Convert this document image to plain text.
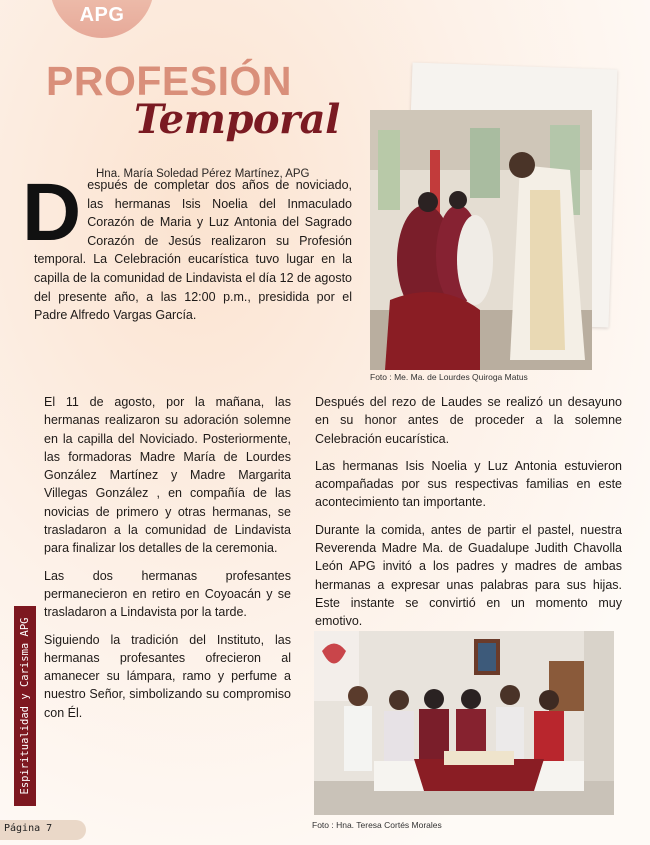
APG
PROFESIÓN
Temporal
Hna. María Soledad Pérez Martínez, APG
D espués de completar dos años de noviciado, las hermanas Isis Noelia del Inmaculado Corazón de Maria y Luz Antonia del Sagrado Corazón de Jesús realizaron su Profesión temporal. La Celebración eucarística tuvo lugar en la capilla de la comunidad de Lindavista el día 12 de agosto del presente año, a las 12:00 p.m., presidida por el Padre Alfredo Vargas García.

Foto : Me. Ma. de Lourdes Quiroga Matus

El 11 de agosto, por la mañana, las hermanas realizaron su adoración solemne en la capilla del Noviciado. Posteriormente, las formadoras Madre María de Lourdes González Martínez y Madre Margarita Villegas González , en compañía de las novicias de primero y otras hermanas, se trasladaron a la comunidad de Lindavista para finalizar los detalles de la ceremonia.

Las dos hermanas profesantes permanecieron en retiro en Coyoacán y se trasladaron a Lindavista por la tarde.

Siguiendo la tradición del Instituto, las hermanas profesantes ofrecieron al amanecer su lámpara, ramo y perfume a nuestro Señor, simbolizando su compromiso con Él.

Después del rezo de Laudes se realizó un desayuno en su honor antes de proceder a la solemne Celebración eucarística.

Las hermanas Isis Noelia y Luz Antonia estuvieron acompañadas por sus respectivas familias en este acontecimiento tan importante.

Durante la comida, antes de partir el pastel, nuestra Reverenda Madre Ma. de Guadalupe Judith Chavolla León APG invitó a los padres y madres de ambas hermanas a expresar unas palabras para sus hijas. Este instante se convirtió en un momento muy emotivo.

Foto : Hna. Teresa Cortés Morales
Espiritualidad y Carisma APG
Página 7
